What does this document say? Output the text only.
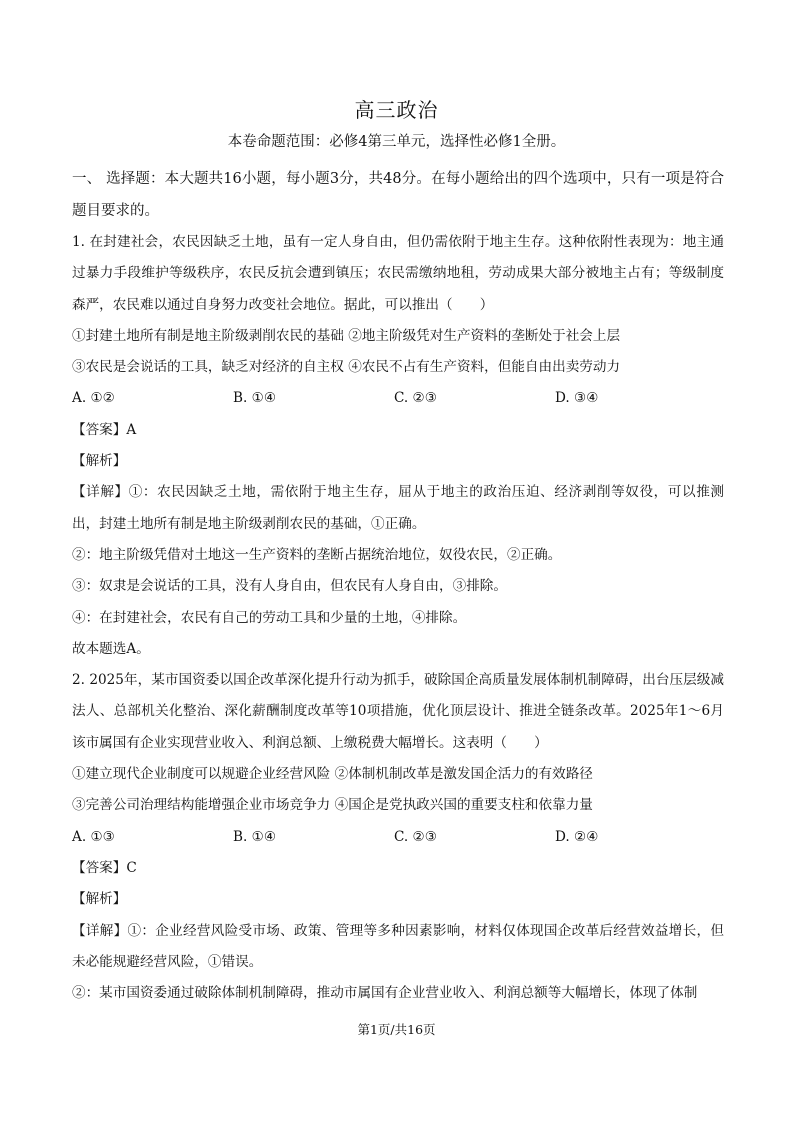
高三政治
本卷命题范围：必修4第三单元，选择性必修1全册。

一、 选择题：本大题共16小题，每小题3分，共48分。在每小题给出的四个选项中，只有一项是符合题目要求的。

1. 在封建社会，农民因缺乏土地，虽有一定人身自由，但仍需依附于地主生存。这种依附性表现为：地主通过暴力手段维护等级秩序，农民反抗会遭到镇压；农民需缴纳地租，劳动成果大部分被地主占有；等级制度森严，农民难以通过自身努力改变社会地位。据此，可以推出（　　）

①封建土地所有制是地主阶级剥削农民的基础 ②地主阶级凭对生产资料的垄断处于社会上层

③农民是会说话的工具，缺乏对经济的自主权 ④农民不占有生产资料，但能自由出卖劳动力

A. ①②	B. ①④	C. ②③	D. ③④

【答案】A

【解析】

【详解】①：农民因缺乏土地，需依附于地主生存，屈从于地主的政治压迫、经济剥削等奴役，可以推测出，封建土地所有制是地主阶级剥削农民的基础，①正确。

②：地主阶级凭借对土地这一生产资料的垄断占据统治地位，奴役农民，②正确。

③：奴隶是会说话的工具，没有人身自由，但农民有人身自由，③排除。

④：在封建社会，农民有自己的劳动工具和少量的土地，④排除。

故本题选A。

2. 2025年，某市国资委以国企改革深化提升行动为抓手，破除国企高质量发展体制机制障碍，出台压层级减法人、总部机关化整治、深化薪酬制度改革等10项措施，优化顶层设计、推进全链条改革。2025年1～6月该市属国有企业实现营业收入、利润总额、上缴税费大幅增长。这表明（　　）

①建立现代企业制度可以规避企业经营风险 ②体制机制改革是激发国企活力的有效路径

③完善公司治理结构能增强企业市场竞争力 ④国企是党执政兴国的重要支柱和依靠力量

A. ①③	B. ①④	C. ②③	D. ②④

【答案】C

【解析】

【详解】①：企业经营风险受市场、政策、管理等多种因素影响，材料仅体现国企改革后经营效益增长，但未必能规避经营风险，①错误。

②：某市国资委通过破除体制机制障碍，推动市属国有企业营业收入、利润总额等大幅增长，体现了体制

第1页/共16页
